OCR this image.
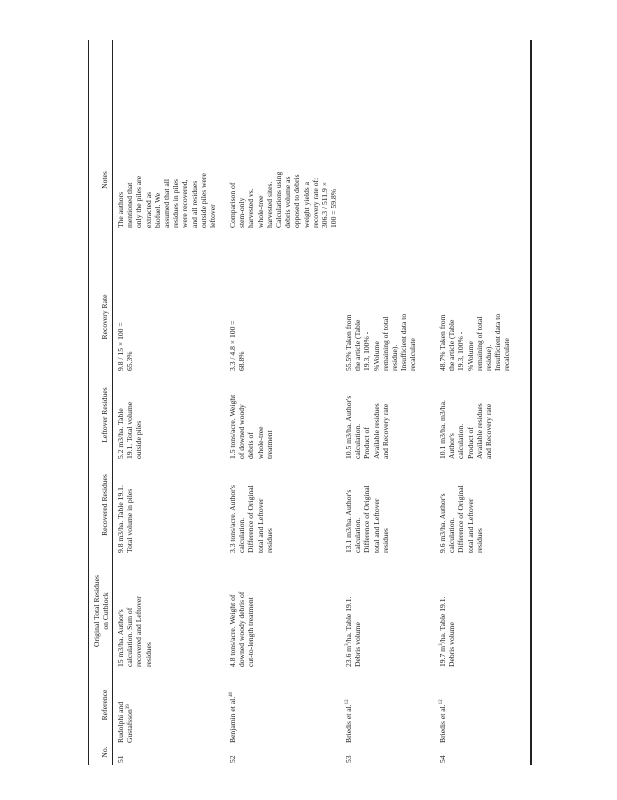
No.
Reference
Original Total Residues
on Cutblock
Recovered Residues
Leftover Residues
Recovery Rate
Notes
51
Rudolphi and
Gustafsson$^{39}$
15 m3/ha. Author's
calculation. Sum of
recovered and Leftover
residues
9.8 m3/ha. Table 19.1.
Total volume in piles
5.2 m3/ha. Table
19.1. Total volume
outside piles
9.8 / 15 × 100 =
65.3%
The authors
mentioned that
only the piles are
extracted as
biofuel. We
assumed that all
residues in piles
were recovered,
and all residues
outside piles were
leftover
52
Benjamin et al.$^{40}$
4.8 tons/acre. Weight of
downed woody debris of
cut-to-length treatment
3.3 tons/acre. Author's
calculation.
Difference of Original
total and Leftover
residues
1.5 tons/acre. Weight
of downed woody
debris of
whole-tree
treatment
3.3 / 4.8 × 100 =
68.8%
Comparison of
stem-only
harvested vs.
whole-tree
harvested sites.
Calculations using
debris volume as
opposed to debris
weight yields a
recovery rate of:
306.3 / 511.9 ×
100 = 59.8%
53
Briedis et al.$^{12}$
23.6 $m^3/ha$. Table 19.1.
Debris volume
13.1 m3/ha. Author's
calculation.
Difference of Original
total and Leftover
residues
10.5 m3/ha. Author's
calculation.
Product of
Available residues
and Recovery rate
55.5% Taken from
the article (Table
19.3, 100% -
%Volume
remaining of total
residue).
Insufficient data to
recalculate
54
Briedis et al.$^{12}$
19.7 $m^3/ha$. Table 19.1.
Debris volume
9.6 m3/ha. Author's
calculation.
Difference of Original
total and Leftover
residues
10.1 m3/ha. m3/ha.
Author's
calculation.
Product of
Available residues
and Recovery rate
48.7% Taken from
the article (Table
19.3, 100% -
%Volume
remaining of total
residue).
Insufficient data to
recalculate
